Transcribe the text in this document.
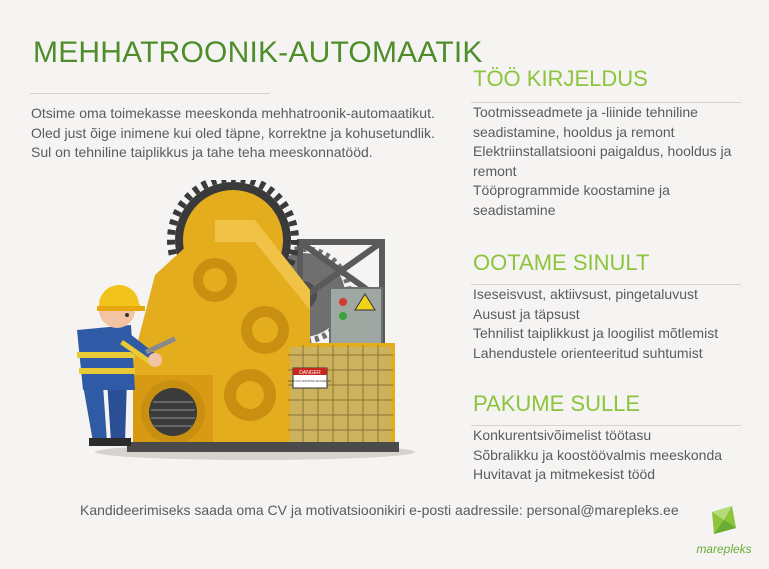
MEHHATROONIK-AUTOMAATIK
Otsime oma toimekasse meeskonda mehhatroonik-automaatikut.
Oled just õige inimene kui oled täpne, korrektne ja kohusetundlik.
Sul on tehniline taiplikkus ja tahe teha meeskonnatööd.
TÖÖ KIRJELDUS
Tootmisseadmete ja -liinide tehniline seadistamine, hooldus ja remont
Elektriinstallatsiooni paigaldus, hooldus ja remont
Tööprogrammide koostamine ja seadistamine
OOTAME SINULT
Iseseisvust, aktiivsust, pingetaluvust
Ausust ja täpsust
Tehnilist taiplikkust ja loogilist mõtlemist
Lahendustele orienteeritud suhtumist
PAKUME SULLE
Konkurentsivõimelist töötasu
Sõbralikku ja koostöövalmis meeskonda
Huvitavat ja mitmekesist tööd
DANGER
KEEP OUT ROTATING MACHINERY
Kandideerimiseks saada oma CV ja motivatsioonikiri e-posti aadressile: personal@marepleks.ee
marepleks
